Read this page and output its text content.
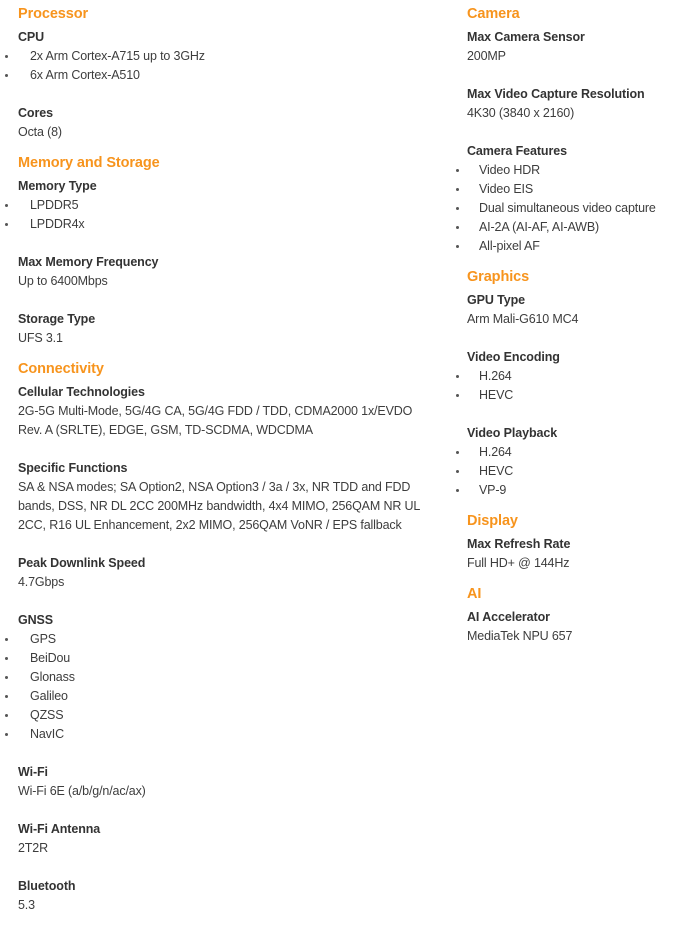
Processor
CPU
2x Arm Cortex-A715 up to 3GHz
6x Arm Cortex-A510
Cores
Octa (8)
Memory and Storage
Memory Type
LPDDR5
LPDDR4x
Max Memory Frequency
Up to 6400Mbps
Storage Type
UFS 3.1
Connectivity
Cellular Technologies
2G-5G Multi-Mode, 5G/4G CA, 5G/4G FDD / TDD, CDMA2000 1x/EVDO Rev. A (SRLTE), EDGE, GSM, TD-SCDMA, WDCDMA
Specific Functions
SA & NSA modes; SA Option2, NSA Option3 / 3a / 3x, NR TDD and FDD bands, DSS, NR DL 2CC 200MHz bandwidth, 4x4 MIMO, 256QAM NR UL 2CC, R16 UL Enhancement, 2x2 MIMO, 256QAM VoNR / EPS fallback
Peak Downlink Speed
4.7Gbps
GNSS
GPS
BeiDou
Glonass
Galileo
QZSS
NavIC
Wi-Fi
Wi-Fi 6E (a/b/g/n/ac/ax)
Wi-Fi Antenna
2T2R
Bluetooth
5.3
Camera
Max Camera Sensor
200MP
Max Video Capture Resolution
4K30 (3840 x 2160)
Camera Features
Video HDR
Video EIS
Dual simultaneous video capture
AI-2A (AI-AF, AI-AWB)
All-pixel AF
Graphics
GPU Type
Arm Mali-G610 MC4
Video Encoding
H.264
HEVC
Video Playback
H.264
HEVC
VP-9
Display
Max Refresh Rate
Full HD+ @ 144Hz
AI
AI Accelerator
MediaTek NPU 657
